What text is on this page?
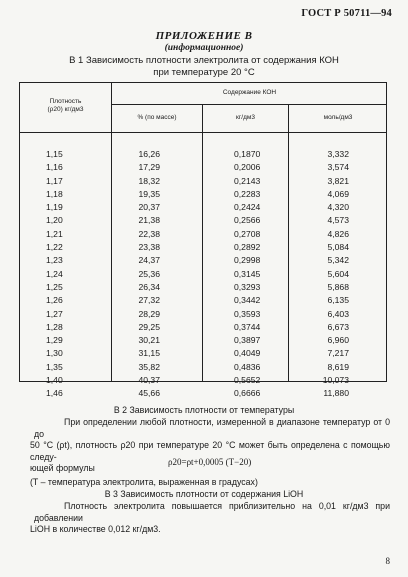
ГОСТ Р 50711—94
ПРИЛОЖЕНИЕ В
(информационное)
В 1 Зависимость плотности электролита от содержания КОН
при температуре 20 °С
Плотность
(ρ20) кг/дм3
Содержание КОН
% (по массе)	кг/дм3	моль/дм3
1,15
1,16
1,17
1,18
1,19
1,20
1,21
1,22
1,23
1,24
1,25
1,26
1,27
1,28
1,29
1,30
1,35
1,40
1,46
16,26
17,29
18,32
19,35
20,37
21,38
22,38
23,38
24,37
25,36
26,34
27,32
28,29
29,25
30,21
31,15
35,82
40,37
45,66
0,1870
0,2006
0,2143
0,2283
0,2424
0,2566
0,2708
0,2892
0,2998
0,3145
0,3293
0,3442
0,3593
0,3744
0,3897
0,4049
0,4836
0,5652
0,6666
3,332
3,574
3,821
4,069
4,320
4,573
4,826
5,084
5,342
5,604
5,868
6,135
6,403
6,673
6,960
7,217
8,619
10,073
11,880
В 2 Зависимость плотности от температуры
При определении любой плотности, измеренной в диапазоне температур от 0 до
50 °С (ρt), плотность ρ20 при температуре 20 °С может быть определена с помощью следу-
ющей формулы
ρ20=ρt+0,0005 (T−20)
(T – температура электролита, выраженная в градусах)
В 3 Зависимость плотности от содержания LiOH
Плотность электролита повышается приблизительно на 0,01 кг/дм3 при добавлении
LiOH в количестве 0,012 кг/дм3.
8
